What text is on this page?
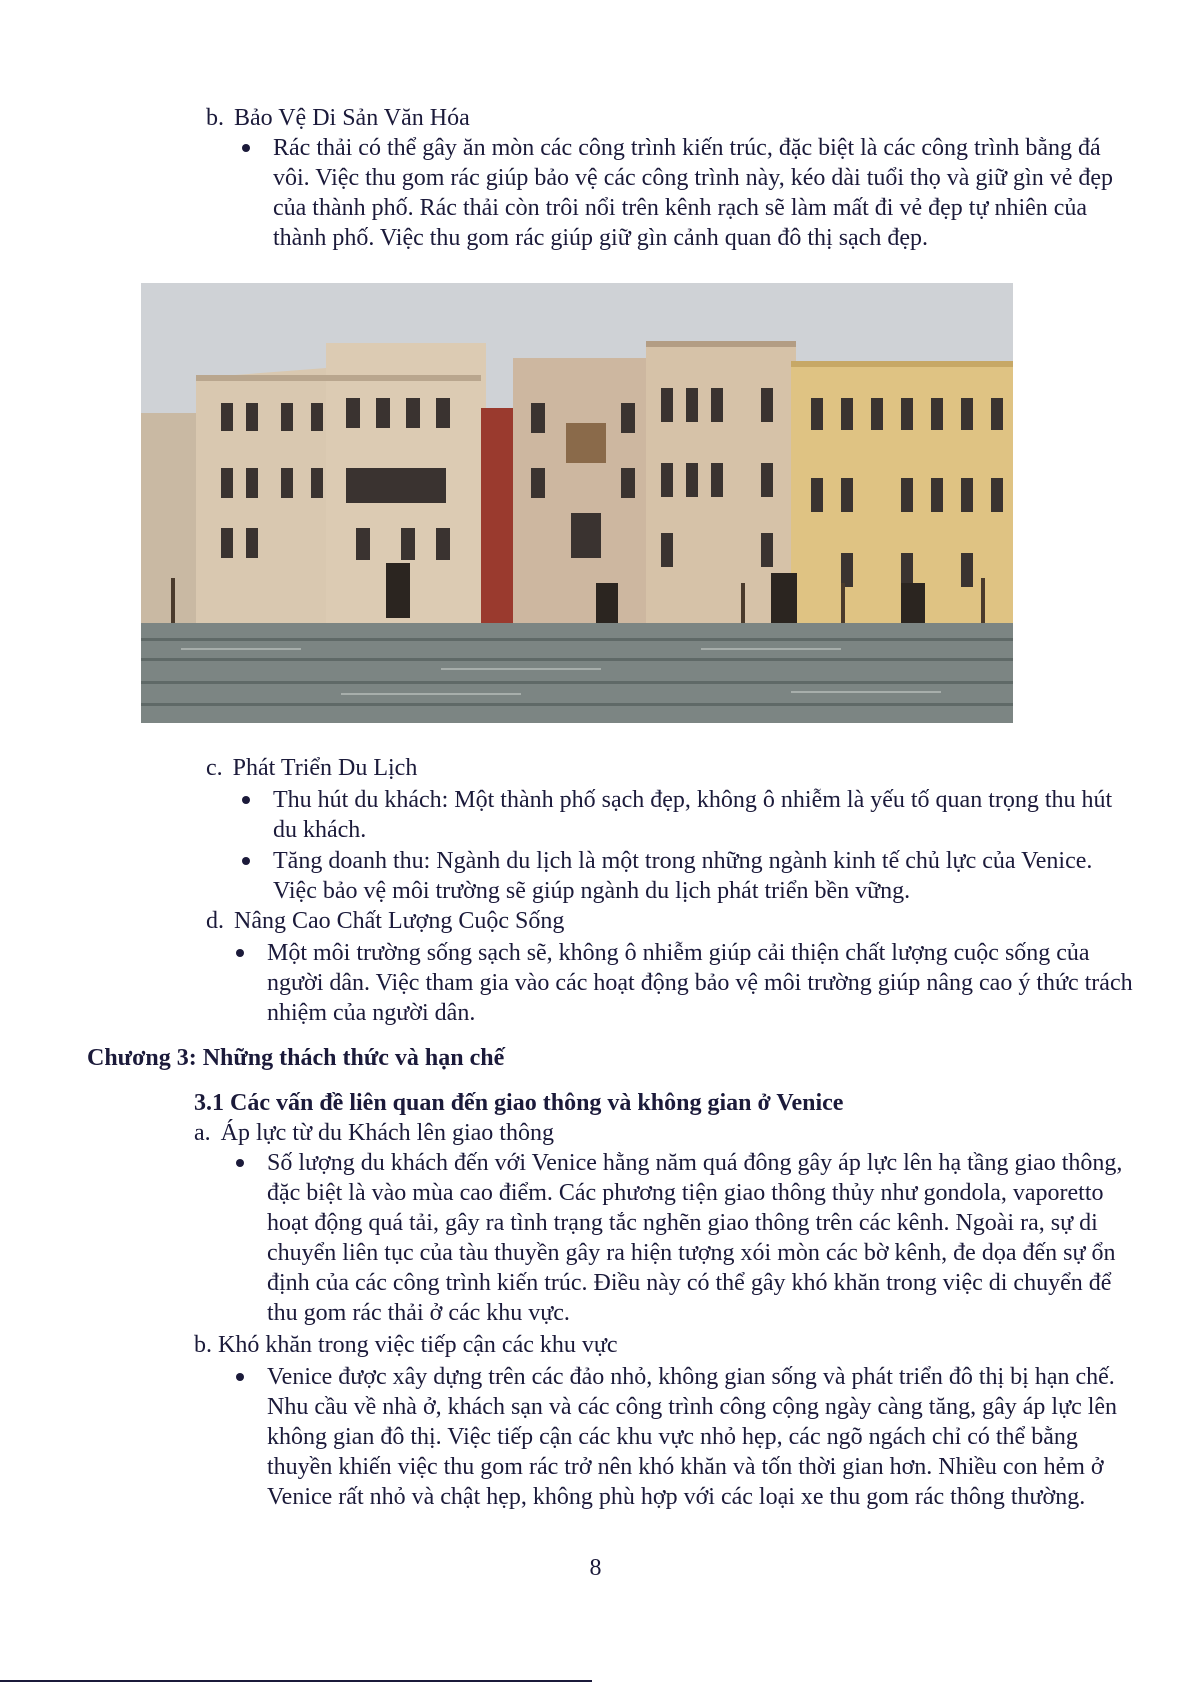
b. Bảo Vệ Di Sản Văn Hóa

Rác thải có thể gây ăn mòn các công trình kiến trúc, đặc biệt là các công trình bằng đá vôi. Việc thu gom rác giúp bảo vệ các công trình này, kéo dài tuổi thọ và giữ gìn vẻ đẹp của thành phố. Rác thải còn trôi nổi trên kênh rạch sẽ làm mất đi vẻ đẹp tự nhiên của thành phố. Việc thu gom rác giúp giữ gìn cảnh quan đô thị sạch đẹp.

c. Phát Triển Du Lịch

Thu hút du khách: Một thành phố sạch đẹp, không ô nhiễm là yếu tố quan trọng thu hút du khách.

Tăng doanh thu: Ngành du lịch là một trong những ngành kinh tế chủ lực của Venice. Việc bảo vệ môi trường sẽ giúp ngành du lịch phát triển bền vững.

d. Nâng Cao Chất Lượng Cuộc Sống

Một môi trường sống sạch sẽ, không ô nhiễm giúp cải thiện chất lượng cuộc sống của người dân. Việc tham gia vào các hoạt động bảo vệ môi trường giúp nâng cao ý thức trách nhiệm của người dân.

Chương 3: Những thách thức và hạn chế
3.1 Các vấn đề liên quan đến giao thông và không gian ở Venice
a. Áp lực từ du Khách lên giao thông

Số lượng du khách đến với Venice hằng năm quá đông gây áp lực lên hạ tầng giao thông, đặc biệt là vào mùa cao điểm. Các phương tiện giao thông thủy như gondola, vaporetto hoạt động quá tải, gây ra tình trạng tắc nghẽn giao thông trên các kênh. Ngoài ra, sự di chuyển liên tục của tàu thuyền gây ra hiện tượng xói mòn các bờ kênh, đe dọa đến sự ổn định của các công trình kiến trúc. Điều này có thể gây khó khăn trong việc di chuyển để thu gom rác thải ở các khu vực.

b. Khó khăn trong việc tiếp cận các khu vực

Venice được xây dựng trên các đảo nhỏ, không gian sống và phát triển đô thị bị hạn chế. Nhu cầu về nhà ở, khách sạn và các công trình công cộng ngày càng tăng, gây áp lực lên không gian đô thị. Việc tiếp cận các khu vực nhỏ hẹp, các ngõ ngách chỉ có thể bằng thuyền khiến việc thu gom rác trở nên khó khăn và tốn thời gian hơn. Nhiều con hẻm ở Venice rất nhỏ và chật hẹp, không phù hợp với các loại xe thu gom rác thông thường.

8
